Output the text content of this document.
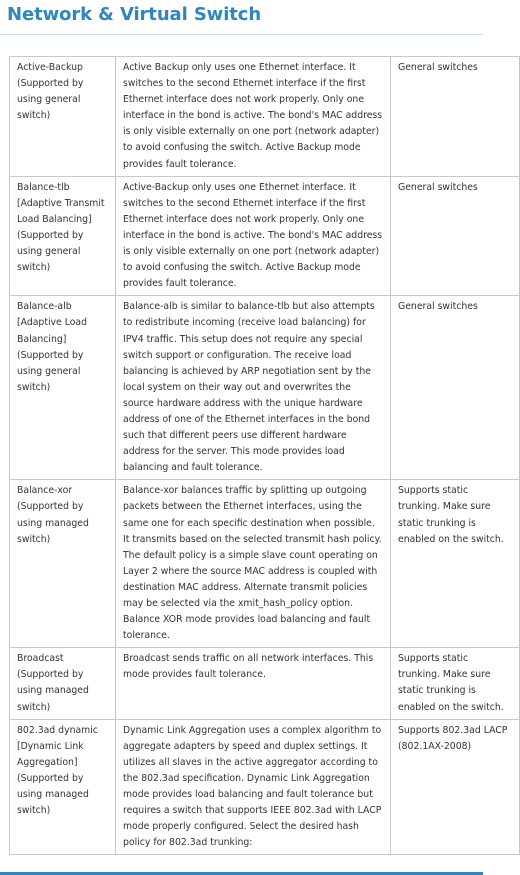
Network & Virtual Switch
Active-Backup (Supported by using general switch)	Active Backup only uses one Ethernet interface. It switches to the second Ethernet interface if the first Ethernet interface does not work properly. Only one interface in the bond is active. The bond's MAC address is only visible externally on one port (network adapter) to avoid confusing the switch. Active Backup mode provides fault tolerance.	General switches
Balance-tlb [Adaptive Transmit Load Balancing] (Supported by using general switch)	Active-Backup only uses one Ethernet interface. It switches to the second Ethernet interface if the first Ethernet interface does not work properly. Only one interface in the bond is active. The bond's MAC address is only visible externally on one port (network adapter) to avoid confusing the switch. Active Backup mode provides fault tolerance.	General switches
Balance-alb [Adaptive Load Balancing] (Supported by using general switch)	Balance-alb is similar to balance-tlb but also attempts to redistribute incoming (receive load balancing) for IPV4 traffic. This setup does not require any special switch support or configuration. The receive load balancing is achieved by ARP negotiation sent by the local system on their way out and overwrites the source hardware address with the unique hardware address of one of the Ethernet interfaces in the bond such that different peers use different hardware address for the server. This mode provides load balancing and fault tolerance.	General switches
Balance-xor (Supported by using managed switch)	Balance-xor balances traffic by splitting up outgoing packets between the Ethernet interfaces, using the same one for each specific destination when possible. It transmits based on the selected transmit hash policy. The default policy is a simple slave count operating on Layer 2 where the source MAC address is coupled with destination MAC address. Alternate transmit policies may be selected via the xmit_hash_policy option. Balance XOR mode provides load balancing and fault tolerance.	Supports static trunking. Make sure static trunking is enabled on the switch.
Broadcast (Supported by using managed switch)	Broadcast sends traffic on all network interfaces. This mode provides fault tolerance.	Supports static trunking. Make sure static trunking is enabled on the switch.
802.3ad dynamic [Dynamic Link Aggregation] (Supported by using managed switch)	Dynamic Link Aggregation uses a complex algorithm to aggregate adapters by speed and duplex settings. It utilizes all slaves in the active aggregator according to the 802.3ad specification. Dynamic Link Aggregation mode provides load balancing and fault tolerance but requires a switch that supports IEEE 802.3ad with LACP mode properly configured. Select the desired hash policy for 802.3ad trunking:	Supports 802.3ad LACP (802.1AX-2008)
